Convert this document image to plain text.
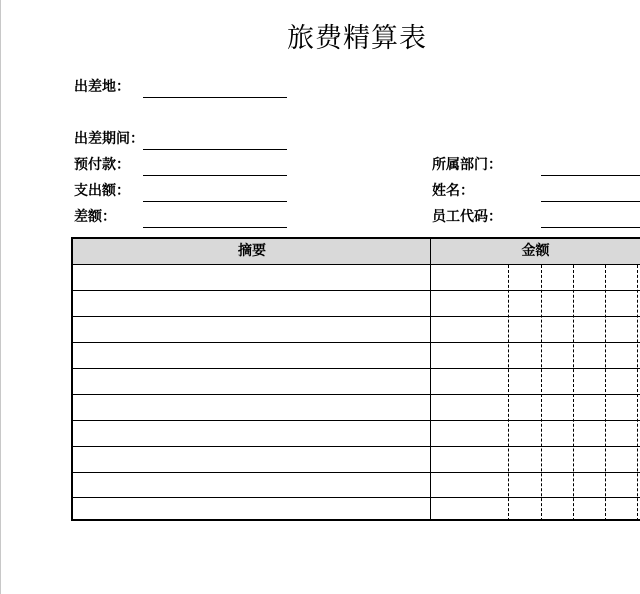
旅费精算表
出差地：
出差期间：
预付款：
支出额：
差额：
所属部门：
姓名：
员工代码：
摘要	金额
